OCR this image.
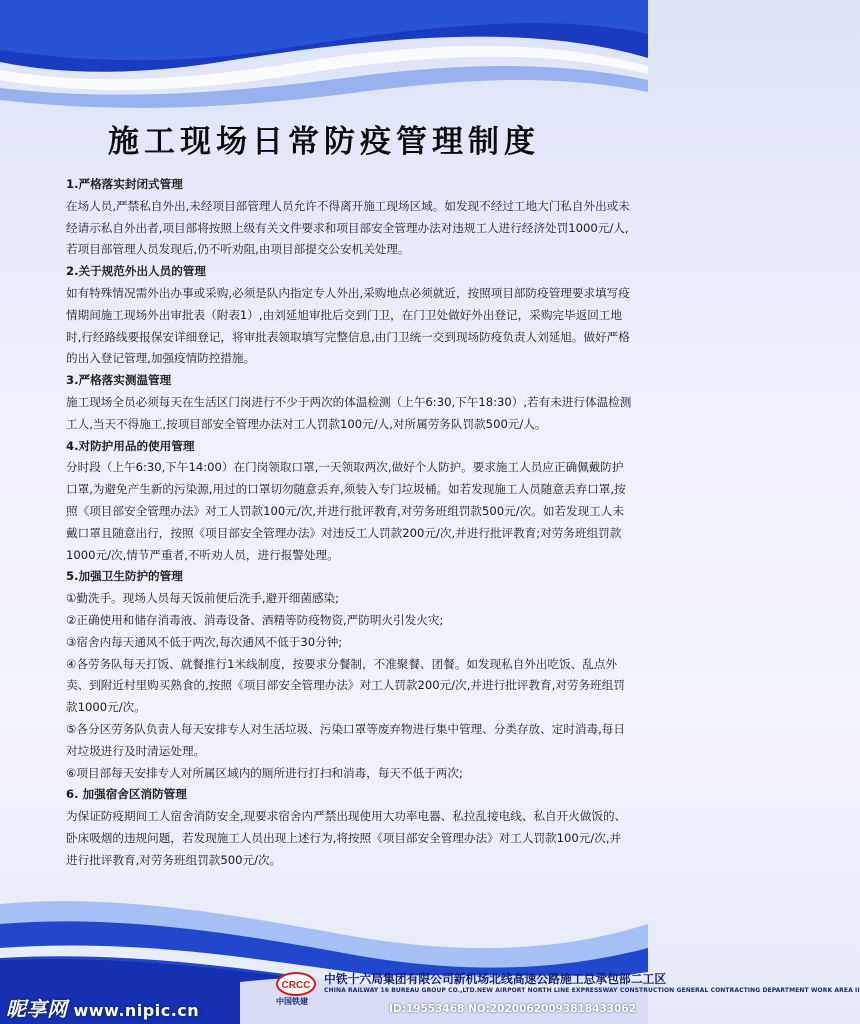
施工现场日常防疫管理制度
1.严格落实封闭式管理

在场人员,严禁私自外出,未经项目部管理人员允许不得离开施工现场区域。如发现不经过工地大门私自外出或未经请示私自外出者,项目部将按照上级有关文件要求和项目部安全管理办法对违规工人进行经济处罚1000元/人,若项目部管理人员发现后,仍不听劝阻,由项目部提交公安机关处理。

2.关于规范外出人员的管理

如有特殊情况需外出办事或采购,必须是队内指定专人外出,采购地点必须就近，按照项目部防疫管理要求填写疫情期间施工现场外出审批表（附表1）,由刘延旭审批后交到门卫，在门卫处做好外出登记，采购完毕返回工地时,行经路线要报保安详细登记，将审批表领取填写完整信息,由门卫统一交到现场防疫负责人刘延旭。做好严格的出入登记管理,加强疫情防控措施。

3.严格落实测温管理

施工现场全员必须每天在生活区门岗进行不少于两次的体温检测（上午6:30,下午18:30）,若有未进行体温检测工人,当天不得施工,按项目部安全管理办法对工人罚款100元/人,对所属劳务队罚款500元/人。

4.对防护用品的使用管理

分时段（上午6:30,下午14:00）在门岗领取口罩,一天领取两次,做好个人防护。要求施工人员应正确佩戴防护口罩,为避免产生新的污染源,用过的口罩切勿随意丢弃,须装入专门垃圾桶。如若发现施工人员随意丢弃口罩,按照《项目部安全管理办法》对工人罚款100元/次,并进行批评教育,对劳务班组罚款500元/次。如若发现工人未戴口罩且随意出行，按照《项目部安全管理办法》对违反工人罚款200元/次,并进行批评教育;对劳务班组罚款1000元/次,情节严重者,不听劝人员，进行报警处理。

5.加强卫生防护的管理

①勤洗手。现场人员每天饭前便后洗手,避开细菌感染;

②正确使用和储存消毒液、消毒设备、酒精等防疫物资,严防明火引发火灾;

③宿舍内每天通风不低于两次,每次通风不低于30分钟;

④各劳务队每天打饭、就餐推行1米线制度，按要求分餐制，不准聚餐、团餐。如发现私自外出吃饭、乱点外卖、到附近村里购买熟食的,按照《项目部安全管理办法》对工人罚款200元/次,并进行批评教育,对劳务班组罚款1000元/次。

⑤各分区劳务队负责人每天安排专人对生活垃圾、污染口罩等废弃物进行集中管理、分类存放、定时消毒,每日对垃圾进行及时清运处理。

⑥项目部每天安排专人对所属区域内的厕所进行打扫和消毒，每天不低于两次;

6. 加强宿舍区消防管理

为保证防疫期间工人宿舍消防安全,现要求宿舍内严禁出现使用大功率电器、私拉乱接电线、私自开火做饭的、卧床吸烟的违规问题，若发现施工人员出现上述行为,将按照《项目部安全管理办法》对工人罚款100元/次,并进行批评教育,对劳务班组罚款500元/次。

CRCC 中铁十六局集团有限公司新机场北线高速公路施工总承包部二工区
CHINA RAILWAY 16 BUREAU GROUP CO.,LTD.NEW AIRPORT NORTH LINE EXPRESSWAY CONSTRUCTION GENERAL CONTRACTING DEPARTMENT WORK AREA II
中国铁建
昵享网 www.nipic.cn	ID:19553468 NO:20200620093818433062
